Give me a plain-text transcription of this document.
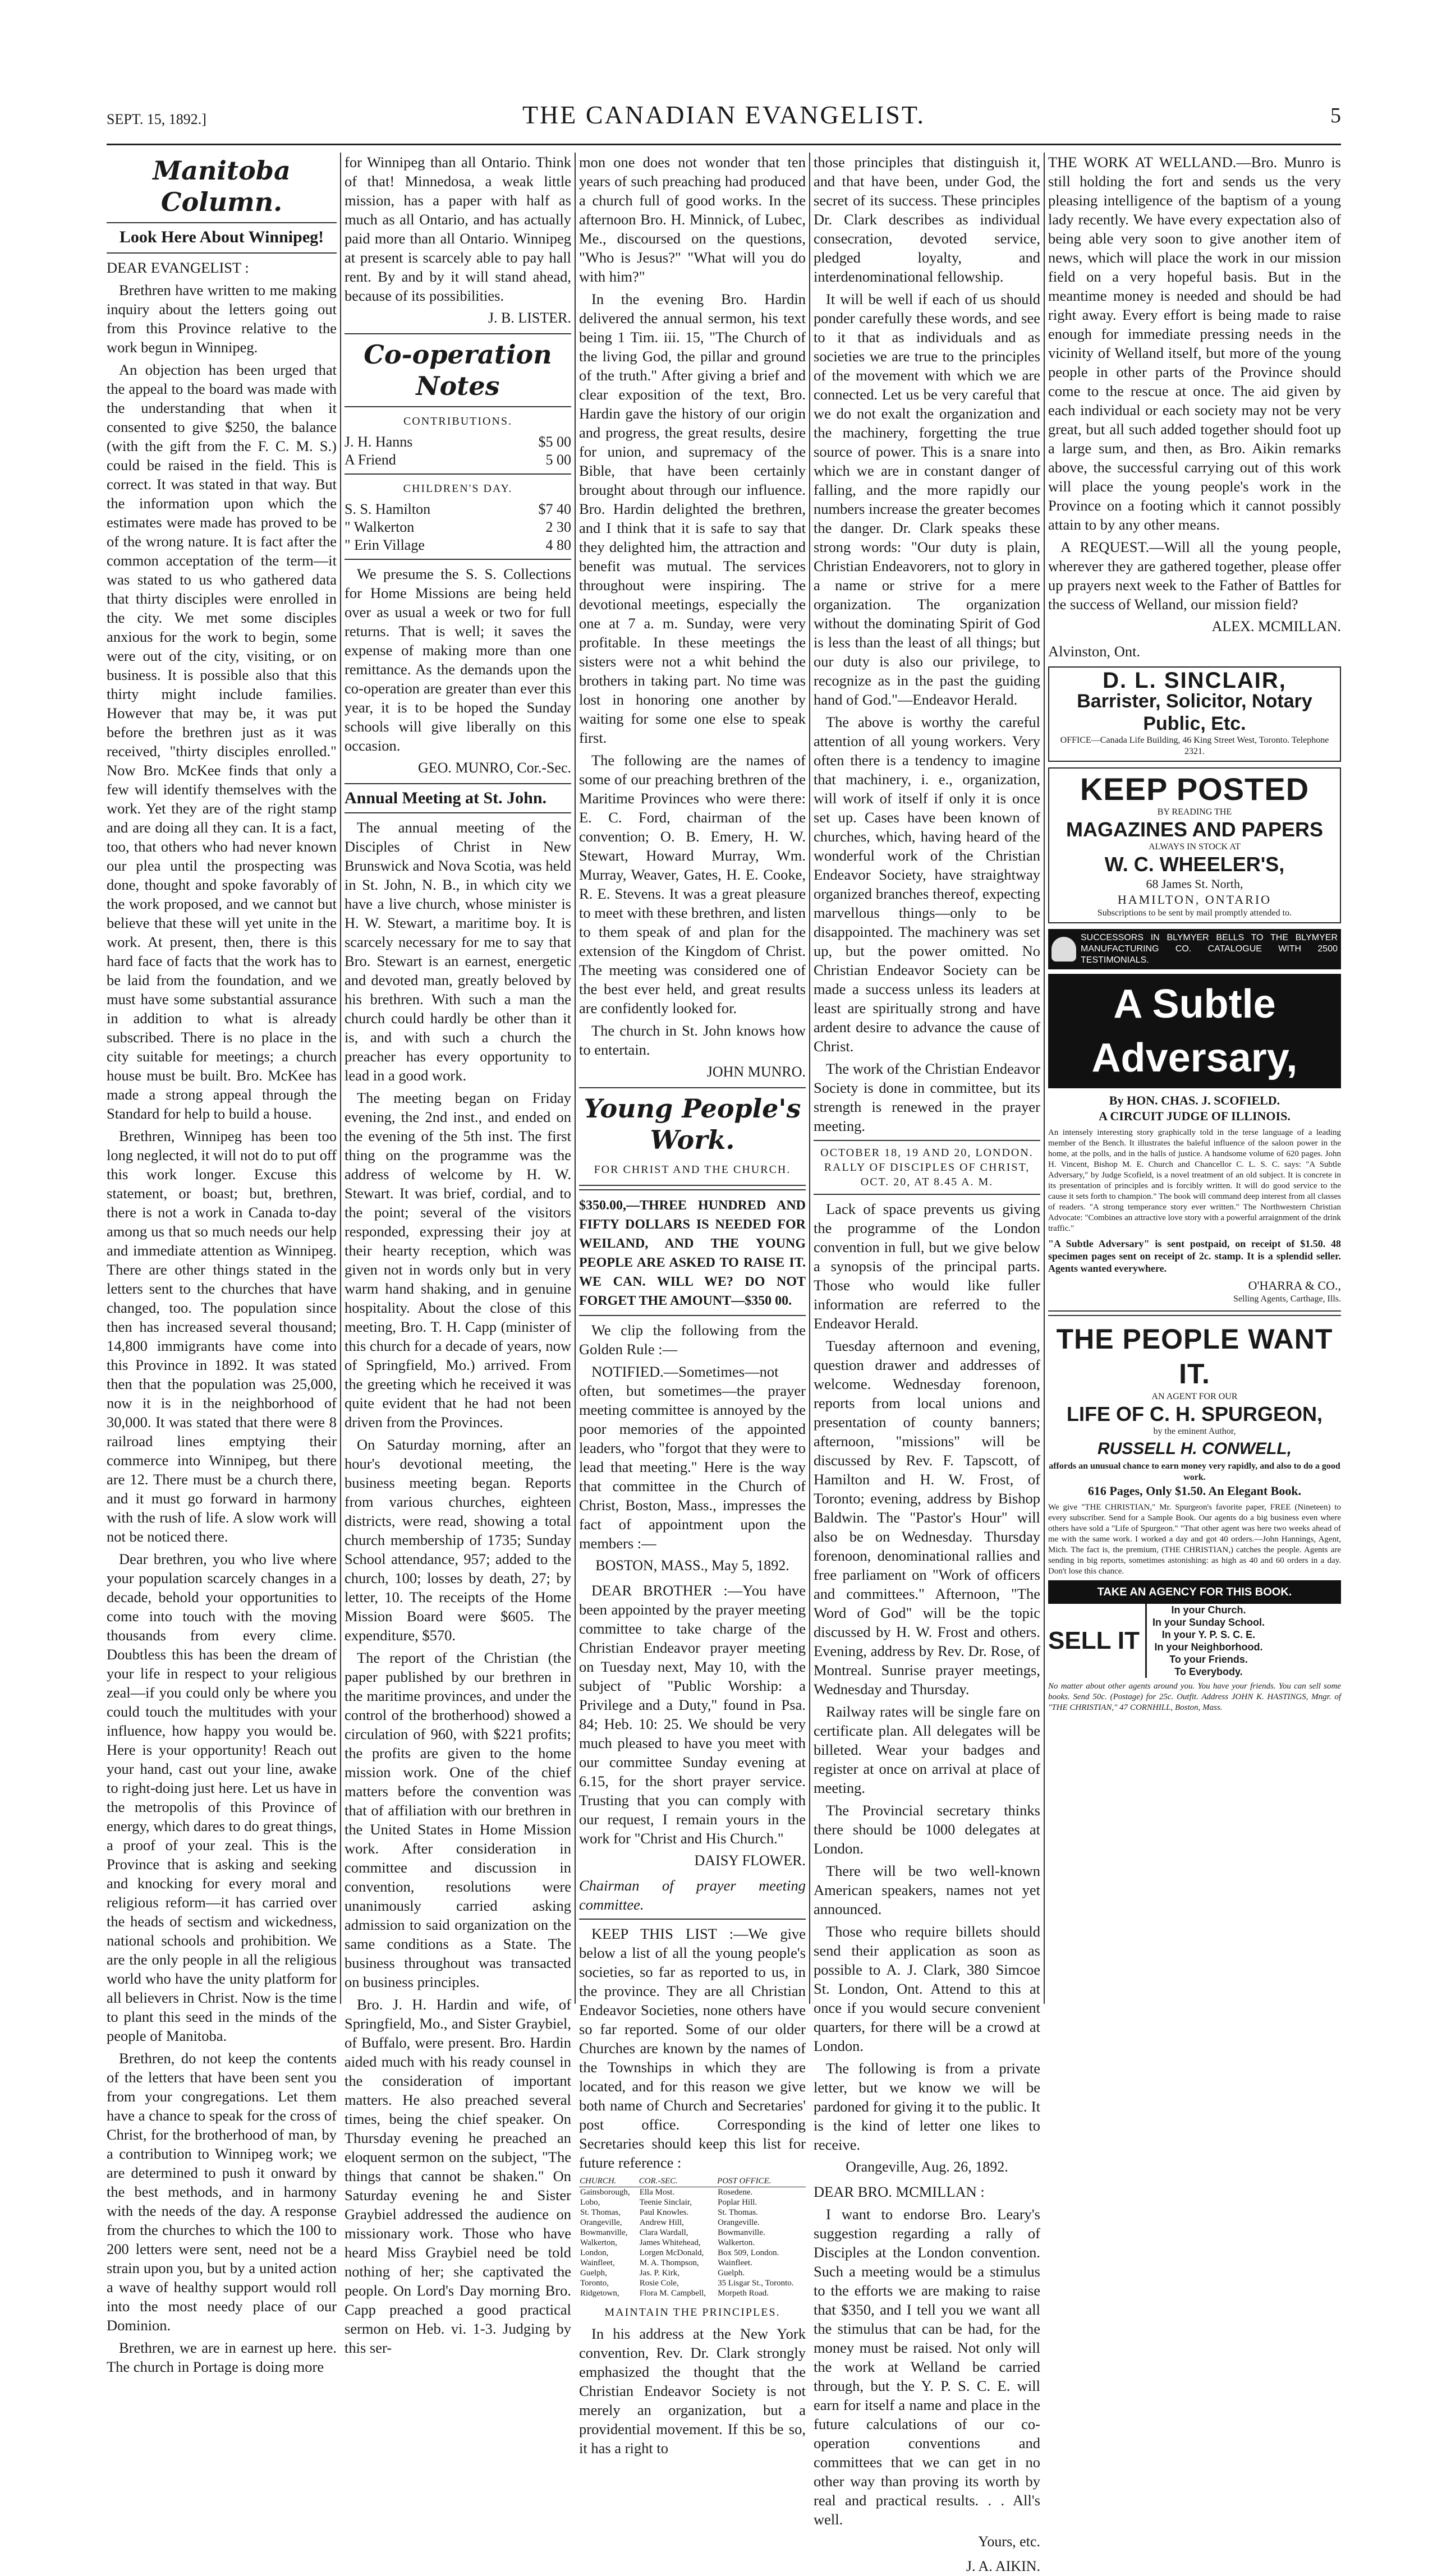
SEPT. 15, 1892.]	THE CANADIAN EVANGELIST.	5
Manitoba Column.
Look Here About Winnipeg!

DEAR EVANGELIST :

Brethren have written to me making inquiry about the letters going out from this Province relative to the work begun in Winnipeg.

An objection has been urged that the appeal to the board was made with the understanding that when it consented to give $250, the balance (with the gift from the F. C. M. S.) could be raised in the field. This is correct. It was stated in that way. But the information upon which the estimates were made has proved to be of the wrong nature. It is fact after the common acceptation of the term—it was stated to us who gathered data that thirty disciples were enrolled in the city. We met some disciples anxious for the work to begin, some were out of the city, visiting, or on business. It is possible also that this thirty might include families. However that may be, it was put before the brethren just as it was received, "thirty disciples enrolled." Now Bro. McKee finds that only a few will identify themselves with the work. Yet they are of the right stamp and are doing all they can. It is a fact, too, that others who had never known our plea until the prospecting was done, thought and spoke favorably of the work proposed, and we cannot but believe that these will yet unite in the work. At present, then, there is this hard face of facts that the work has to be laid from the foundation, and we must have some substantial assurance in addition to what is already subscribed. There is no place in the city suitable for meetings; a church house must be built. Bro. McKee has made a strong appeal through the Standard for help to build a house.

Brethren, Winnipeg has been too long neglected, it will not do to put off this work longer. Excuse this statement, or boast; but, brethren, there is not a work in Canada to-day among us that so much needs our help and immediate attention as Winnipeg. There are other things stated in the letters sent to the churches that have changed, too. The population since then has increased several thousand; 14,800 immigrants have come into this Province in 1892. It was stated then that the population was 25,000, now it is in the neighborhood of 30,000. It was stated that there were 8 railroad lines emptying their commerce into Winnipeg, but there are 12. There must be a church there, and it must go forward in harmony with the rush of life. A slow work will not be noticed there.

Dear brethren, you who live where your population scarcely changes in a decade, behold your opportunities to come into touch with the moving thousands from every clime. Doubtless this has been the dream of your life in respect to your religious zeal—if you could only be where you could touch the multitudes with your influence, how happy you would be. Here is your opportunity! Reach out your hand, cast out your line, awake to right-doing just here. Let us have in the metropolis of this Province of energy, which dares to do great things, a proof of your zeal. This is the Province that is asking and seeking and knocking for every moral and religious reform—it has carried over the heads of sectism and wickedness, national schools and prohibition. We are the only people in all the religious world who have the unity platform for all believers in Christ. Now is the time to plant this seed in the minds of the people of Manitoba.

Brethren, do not keep the contents of the letters that have been sent you from your congregations. Let them have a chance to speak for the cross of Christ, for the brotherhood of man, by a contribution to Winnipeg work; we are determined to push it onward by the best methods, and in harmony with the needs of the day. A response from the churches to which the 100 to 200 letters were sent, need not be a strain upon you, but by a united action a wave of healthy support would roll into the most needy place of our Dominion.

Brethren, we are in earnest up here. The church in Portage is doing more

for Winnipeg than all Ontario. Think of that! Minnedosa, a weak little mission, has a paper with half as much as all Ontario, and has actually paid more than all Ontario. Winnipeg at present is scarcely able to pay hall rent. By and by it will stand ahead, because of its possibilities.

J. B. LISTER.
Co-operation Notes
CONTRIBUTIONS.
J. H. Hanns	$5 00
A Friend	5 00
CHILDREN'S DAY.
S. S. Hamilton	$7 40
" Walkerton	2 30
" Erin Village	4 80

We presume the S. S. Collections for Home Missions are being held over as usual a week or two for full returns. That is well; it saves the expense of making more than one remittance. As the demands upon the co-operation are greater than ever this year, it is to be hoped the Sunday schools will give liberally on this occasion.

GEO. MUNRO, Cor.-Sec.
Annual Meeting at St. John.

The annual meeting of the Disciples of Christ in New Brunswick and Nova Scotia, was held in St. John, N. B., in which city we have a live church, whose minister is H. W. Stewart, a maritime boy. It is scarcely necessary for me to say that Bro. Stewart is an earnest, energetic and devoted man, greatly beloved by his brethren. With such a man the church could hardly be other than it is, and with such a church the preacher has every opportunity to lead in a good work.

The meeting began on Friday evening, the 2nd inst., and ended on the evening of the 5th inst. The first thing on the programme was the address of welcome by H. W. Stewart. It was brief, cordial, and to the point; several of the visitors responded, expressing their joy at their hearty reception, which was given not in words only but in very warm hand shaking, and in genuine hospitality. About the close of this meeting, Bro. T. H. Capp (minister of this church for a decade of years, now of Springfield, Mo.) arrived. From the greeting which he received it was quite evident that he had not been driven from the Provinces.

On Saturday morning, after an hour's devotional meeting, the business meeting began. Reports from various churches, eighteen districts, were read, showing a total church membership of 1735; Sunday School attendance, 957; added to the church, 100; losses by death, 27; by letter, 10. The receipts of the Home Mission Board were $605. The expenditure, $570.

The report of the Christian (the paper published by our brethren in the maritime provinces, and under the control of the brotherhood) showed a circulation of 960, with $221 profits; the profits are given to the home mission work. One of the chief matters before the convention was that of affiliation with our brethren in the United States in Home Mission work. After consideration in committee and discussion in convention, resolutions were unanimously carried asking admission to said organization on the same conditions as a State. The business throughout was transacted on business principles.

Bro. J. H. Hardin and wife, of Springfield, Mo., and Sister Graybiel, of Buffalo, were present. Bro. Hardin aided much with his ready counsel in the consideration of important matters. He also preached several times, being the chief speaker. On Thursday evening he preached an eloquent sermon on the subject, "The things that cannot be shaken." On Saturday evening he and Sister Graybiel addressed the audience on missionary work. Those who have heard Miss Graybiel need be told nothing of her; she captivated the people. On Lord's Day morning Bro. Capp preached a good practical sermon on Heb. vi. 1-3. Judging by this ser-

mon one does not wonder that ten years of such preaching had produced a church full of good works. In the afternoon Bro. H. Minnick, of Lubec, Me., discoursed on the questions, "Who is Jesus?" "What will you do with him?"

In the evening Bro. Hardin delivered the annual sermon, his text being 1 Tim. iii. 15, "The Church of the living God, the pillar and ground of the truth." After giving a brief and clear exposition of the text, Bro. Hardin gave the history of our origin and progress, the great results, desire for union, and supremacy of the Bible, that have been certainly brought about through our influence. Bro. Hardin delighted the brethren, and I think that it is safe to say that they delighted him, the attraction and benefit was mutual. The services throughout were inspiring. The devotional meetings, especially the one at 7 a. m. Sunday, were very profitable. In these meetings the sisters were not a whit behind the brothers in taking part. No time was lost in honoring one another by waiting for some one else to speak first.

The following are the names of some of our preaching brethren of the Maritime Provinces who were there: E. C. Ford, chairman of the convention; O. B. Emery, H. W. Stewart, Howard Murray, Wm. Murray, Weaver, Gates, H. E. Cooke, R. E. Stevens. It was a great pleasure to meet with these brethren, and listen to them speak of and plan for the extension of the Kingdom of Christ. The meeting was considered one of the best ever held, and great results are confidently looked for.

The church in St. John knows how to entertain.

JOHN MUNRO.
Young People's Work.
FOR CHRIST AND THE CHURCH.

$350.00,—THREE HUNDRED AND FIFTY DOLLARS IS NEEDED FOR WEILAND, AND THE YOUNG PEOPLE ARE ASKED TO RAISE IT. WE CAN. WILL WE? DO NOT FORGET THE AMOUNT—$350 00.

We clip the following from the Golden Rule :—

NOTIFIED.—Sometimes—not often, but sometimes—the prayer meeting committee is annoyed by the poor memories of the appointed leaders, who "forgot that they were to lead that meeting." Here is the way that committee in the Church of Christ, Boston, Mass., impresses the fact of appointment upon the members :—

BOSTON, MASS., May 5, 1892.

DEAR BROTHER :—You have been appointed by the prayer meeting committee to take charge of the Christian Endeavor prayer meeting on Tuesday next, May 10, with the subject of "Public Worship: a Privilege and a Duty," found in Psa. 84; Heb. 10: 25. We should be very much pleased to have you meet with our committee Sunday evening at 6.15, for the short prayer service. Trusting that you can comply with our request, I remain yours in the work for "Christ and His Church."

DAISY FLOWER.

Chairman of prayer meeting committee.

KEEP THIS LIST :—We give below a list of all the young people's societies, so far as reported to us, in the province. They are all Christian Endeavor Societies, none others have so far reported. Some of our older Churches are known by the names of the Townships in which they are located, and for this reason we give both name of Church and Secretaries' post office. Corresponding Secretaries should keep this list for future reference :

CHURCH.	COR.-SEC.	POST OFFICE.
Gainsborough,	Ella Most.	Rosedene.
Lobo,	Teenie Sinclair,	Poplar Hill.
St. Thomas,	Paul Knowles.	St. Thomas.
Orangeville,	Andrew Hill,	Orangeville.
Bowmanville,	Clara Wardall,	Bowmanville.
Walkerton,	James Whitehead,	Walkerton.
London,	Lorgen McDonald,	Box 509, London.
Wainfleet,	M. A. Thompson,	Wainfleet.
Guelph,	Jas. P. Kirk,	Guelph.
Toronto,	Rosie Cole,	35 Lisgar St., Toronto.
Ridgetown,	Flora M. Campbell,	Morpeth Road.
MAINTAIN THE PRINCIPLES.

In his address at the New York convention, Rev. Dr. Clark strongly emphasized the thought that the Christian Endeavor Society is not merely an organization, but a providential movement. If this be so, it has a right to

those principles that distinguish it, and that have been, under God, the secret of its success. These principles Dr. Clark describes as individual consecration, devoted service, pledged loyalty, and interdenominational fellowship.

It will be well if each of us should ponder carefully these words, and see to it that as individuals and as societies we are true to the principles of the movement with which we are connected. Let us be very careful that we do not exalt the organization and the machinery, forgetting the true source of power. This is a snare into which we are in constant danger of falling, and the more rapidly our numbers increase the greater becomes the danger. Dr. Clark speaks these strong words: "Our duty is plain, Christian Endeavorers, not to glory in a name or strive for a mere organization. The organization without the dominating Spirit of God is less than the least of all things; but our duty is also our privilege, to recognize as in the past the guiding hand of God."—Endeavor Herald.

The above is worthy the careful attention of all young workers. Very often there is a tendency to imagine that machinery, i. e., organization, will work of itself if only it is once set up. Cases have been known of churches, which, having heard of the wonderful work of the Christian Endeavor Society, have straightway organized branches thereof, expecting marvellous things—only to be disappointed. The machinery was set up, but the power omitted. No Christian Endeavor Society can be made a success unless its leaders at least are spiritually strong and have ardent desire to advance the cause of Christ.

The work of the Christian Endeavor Society is done in committee, but its strength is renewed in the prayer meeting.

OCTOBER 18, 19 AND 20, LONDON. RALLY OF DISCIPLES OF CHRIST, OCT. 20, AT 8.45 A. M.

Lack of space prevents us giving the programme of the London convention in full, but we give below a synopsis of the principal parts. Those who would like fuller information are referred to the Endeavor Herald.

Tuesday afternoon and evening, question drawer and addresses of welcome. Wednesday forenoon, reports from local unions and presentation of county banners; afternoon, "missions" will be discussed by Rev. F. Tapscott, of Hamilton and H. W. Frost, of Toronto; evening, address by Bishop Baldwin. The "Pastor's Hour" will also be on Wednesday. Thursday forenoon, denominational rallies and free parliament on "Work of officers and committees." Afternoon, "The Word of God" will be the topic discussed by H. W. Frost and others. Evening, address by Rev. Dr. Rose, of Montreal. Sunrise prayer meetings, Wednesday and Thursday.

Railway rates will be single fare on certificate plan. All delegates will be billeted. Wear your badges and register at once on arrival at place of meeting.

The Provincial secretary thinks there should be 1000 delegates at London.

There will be two well-known American speakers, names not yet announced.

Those who require billets should send their application as soon as possible to A. J. Clark, 380 Simcoe St. London, Ont. Attend to this at once if you would secure convenient quarters, for there will be a crowd at London.

The following is from a private letter, but we know we will be pardoned for giving it to the public. It is the kind of letter one likes to receive.

Orangeville, Aug. 26, 1892.

DEAR BRO. MCMILLAN :

I want to endorse Bro. Leary's suggestion regarding a rally of Disciples at the London convention. Such a meeting would be a stimulus to the efforts we are making to raise that $350, and I tell you we want all the stimulus that can be had, for the money must be raised. Not only will the work at Welland be carried through, but the Y. P. S. C. E. will earn for itself a name and place in the future calculations of our co-operation conventions and committees that we can get in no other way than proving its worth by real and practical results. . . All's well.

Yours, etc.
J. A. AIKIN.

THE WORK AT WELLAND.—Bro. Munro is still holding the fort and sends us the very pleasing intelligence of the baptism of a young lady recently. We have every expectation also of being able very soon to give another item of news, which will place the work in our mission field on a very hopeful basis. But in the meantime money is needed and should be had right away. Every effort is being made to raise enough for immediate pressing needs in the vicinity of Welland itself, but more of the young people in other parts of the Province should come to the rescue at once. The aid given by each individual or each society may not be very great, but all such added together should foot up a large sum, and then, as Bro. Aikin remarks above, the successful carrying out of this work will place the young people's work in the Province on a footing which it cannot possibly attain to by any other means.

A REQUEST.—Will all the young people, wherever they are gathered together, please offer up prayers next week to the Father of Battles for the success of Welland, our mission field?

ALEX. MCMILLAN.

Alvinston, Ont.

D. L. SINCLAIR,
Barrister, Solicitor, Notary Public, Etc.
OFFICE—Canada Life Building, 46 King Street West, Toronto. Telephone 2321.
KEEP POSTED
BY READING THE
MAGAZINES AND PAPERS
ALWAYS IN STOCK AT
W. C. WHEELER'S,
68 James St. North,
HAMILTON, ONTARIO
Subscriptions to be sent by mail promptly attended to.
SUCCESSORS IN BLYMYER BELLS TO THE BLYMYER MANUFACTURING CO. CATALOGUE WITH 2500 TESTIMONIALS.
A Subtle Adversary,
By HON. CHAS. J. SCOFIELD.
A CIRCUIT JUDGE OF ILLINOIS.
An intensely interesting story graphically told in the terse language of a leading member of the Bench. It illustrates the baleful influence of the saloon power in the home, at the polls, and in the halls of justice. A handsome volume of 620 pages. John H. Vincent, Bishop M. E. Church and Chancellor C. L. S. C. says: "A Subtle Adversary," by Judge Scofield, is a novel treatment of an old subject. It is concrete in its presentation of principles and is forcibly written. It will do good service to the cause it sets forth to champion." The book will command deep interest from all classes of readers. "A strong temperance story ever written." The Northwestern Christian Advocate: "Combines an attractive love story with a powerful arraignment of the drink traffic."
"A Subtle Adversary" is sent postpaid, on receipt of $1.50. 48 specimen pages sent on receipt of 2c. stamp. It is a splendid seller. Agents wanted everywhere.
O'HARRA & CO.,
Selling Agents, Carthage, Ills.
THE PEOPLE WANT IT.
AN AGENT FOR OUR
LIFE OF C. H. SPURGEON,
by the eminent Author,
RUSSELL H. CONWELL,
affords an unusual chance to earn money very rapidly, and also to do a good work.
616 Pages, Only $1.50. An Elegant Book.
We give "THE CHRISTIAN," Mr. Spurgeon's favorite paper, FREE (Nineteen) to every subscriber. Send for a Sample Book. Our agents do a big business even where others have sold a "Life of Spurgeon." "That other agent was here two weeks ahead of me with the same work. I worked a day and got 40 orders.—John Hannings, Agent, Mich. The fact is, the premium, (THE CHRISTIAN,) catches the people. Agents are sending in big reports, sometimes astonishing: as high as 40 and 60 orders in a day. Don't lose this chance.
TAKE AN AGENCY FOR THIS BOOK.
SELL IT
In your Church.
In your Sunday School.
In your Y. P. S. C. E.
In your Neighborhood.
To your Friends.
To Everybody.
No matter about other agents around you. You have your friends. You can sell some books. Send 50c. (Postage) for 25c. Outfit. Address JOHN K. HASTINGS, Mngr. of "THE CHRISTIAN," 47 CORNHILL, Boston, Mass.
